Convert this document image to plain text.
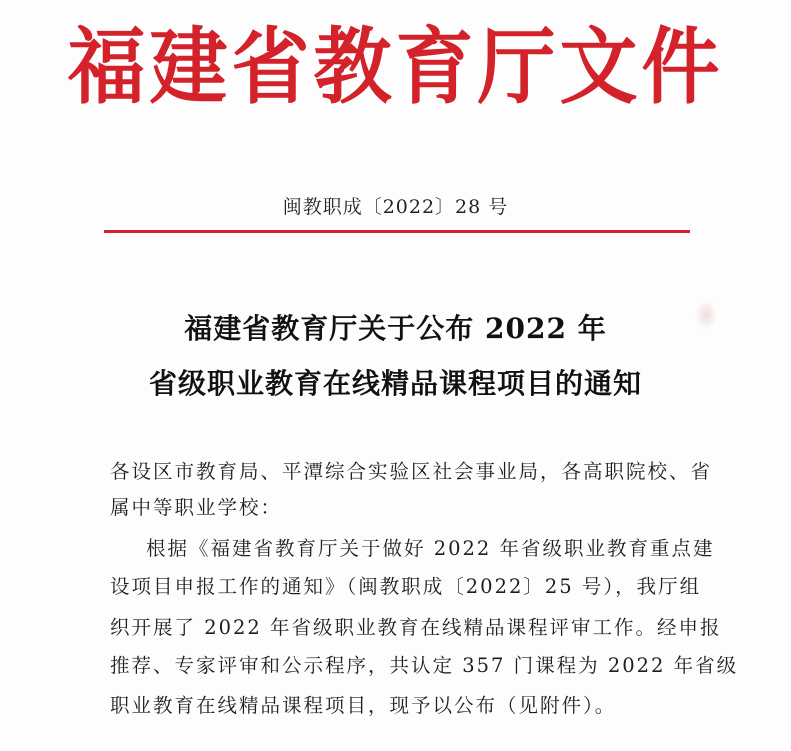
福建省教育厅文件
闽教职成〔2022〕28 号
福建省教育厅关于公布 2022 年
省级职业教育在线精品课程项目的通知
各设区市教育局、平潭综合实验区社会事业局，各高职院校、省
属中等职业学校：
根据《福建省教育厅关于做好 2022 年省级职业教育重点建
设项目申报工作的通知》（闽教职成〔2022〕25 号），我厅组
织开展了 2022 年省级职业教育在线精品课程评审工作。经申报
推荐、专家评审和公示程序，共认定 357 门课程为 2022 年省级
职业教育在线精品课程项目，现予以公布（见附件）。
